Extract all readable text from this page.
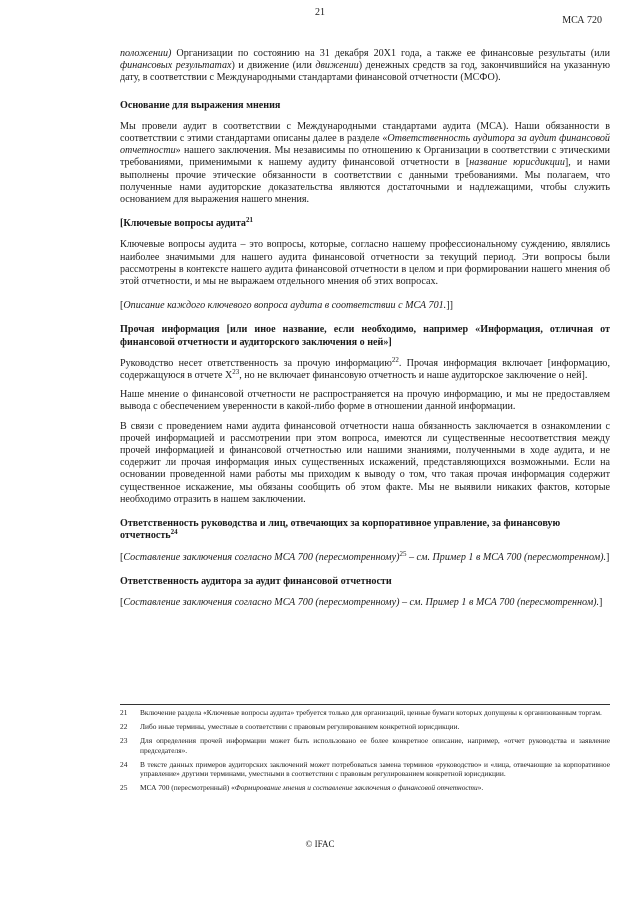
21
МСА 720

положении) Организации по состоянию на 31 декабря 20X1 года, а также ее финансовые результаты (или финансовых результатах) и движение (или движении) денежных средств за год, закончившийся на указанную дату, в соответствии с Международными стандартами финансовой отчетности (МСФО).

Основание для выражения мнения

Мы провели аудит в соответствии с Международными стандартами аудита (МСА). Наши обязанности в соответствии с этими стандартами описаны далее в разделе «Ответственность аудитора за аудит финансовой отчетности» нашего заключения. Мы независимы по отношению к Организации в соответствии с этическими требованиями, применимыми к нашему аудиту финансовой отчетности в [название юрисдикции], и нами выполнены прочие этические обязанности в соответствии с данными требованиями. Мы полагаем, что полученные нами аудиторские доказательства являются достаточными и надлежащими, чтобы служить основанием для выражения нашего мнения.

[Ключевые вопросы аудита$^{21}$

Ключевые вопросы аудита – это вопросы, которые, согласно нашему профессиональному суждению, являлись наиболее значимыми для нашего аудита финансовой отчетности за текущий период. Эти вопросы были рассмотрены в контексте нашего аудита финансовой отчетности в целом и при формировании нашего мнения об этой отчетности, и мы не выражаем отдельного мнения об этих вопросах.

[Описание каждого ключевого вопроса аудита в соответствии с МСА 701.]]

Прочая информация [или иное название, если необходимо, например «Информация, отличная от финансовой отчетности и аудиторского заключения о ней»]

Руководство несет ответственность за прочую информацию$^{22}$. Прочая информация включает [информацию, содержащуюся в отчете $X^{23}$, но не включает финансовую отчетность и наше аудиторское заключение о ней].

Наше мнение о финансовой отчетности не распространяется на прочую информацию, и мы не предоставляем вывода с обеспечением уверенности в какой-либо форме в отношении данной информации.

В связи с проведением нами аудита финансовой отчетности наша обязанность заключается в ознакомлении с прочей информацией и рассмотрении при этом вопроса, имеются ли существенные несоответствия между прочей информацией и финансовой отчетностью или нашими знаниями, полученными в ходе аудита, и не содержит ли прочая информация иных существенных искажений, представляющихся возможными. Если на основании проведенной нами работы мы приходим к выводу о том, что такая прочая информация содержит существенное искажение, мы обязаны сообщить об этом факте. Мы не выявили никаких фактов, которые необходимо отразить в нашем заключении.

Ответственность руководства и лиц, отвечающих за корпоративное управление, за финансовую отчетность$^{24}$

[Составление заключения согласно МСА 700 (пересмотренному)$^{25}$ – см. Пример 1 в МСА 700 (пересмотренном).]

Ответственность аудитора за аудит финансовой отчетности

[Составление заключения согласно МСА 700 (пересмотренному) – см. Пример 1 в МСА 700 (пересмотренном).]

21	Включение раздела «Ключевые вопросы аудита» требуется только для организаций, ценные бумаги которых допущены к организованным торгам.
22	Либо иные термины, уместные в соответствии с правовым регулированием конкретной юрисдикции.
23	Для определения прочей информации может быть использовано ее более конкретное описание, например, «отчет руководства и заявление председателя».
24	В тексте данных примеров аудиторских заключений может потребоваться замена терминов «руководство» и «лица, отвечающие за корпоративное управление» другими терминами, уместными в соответствии с правовым регулированием конкретной юрисдикции.
25	МСА 700 (пересмотренный) «Формирование мнения и составление заключения о финансовой отчетности».
© IFAC
